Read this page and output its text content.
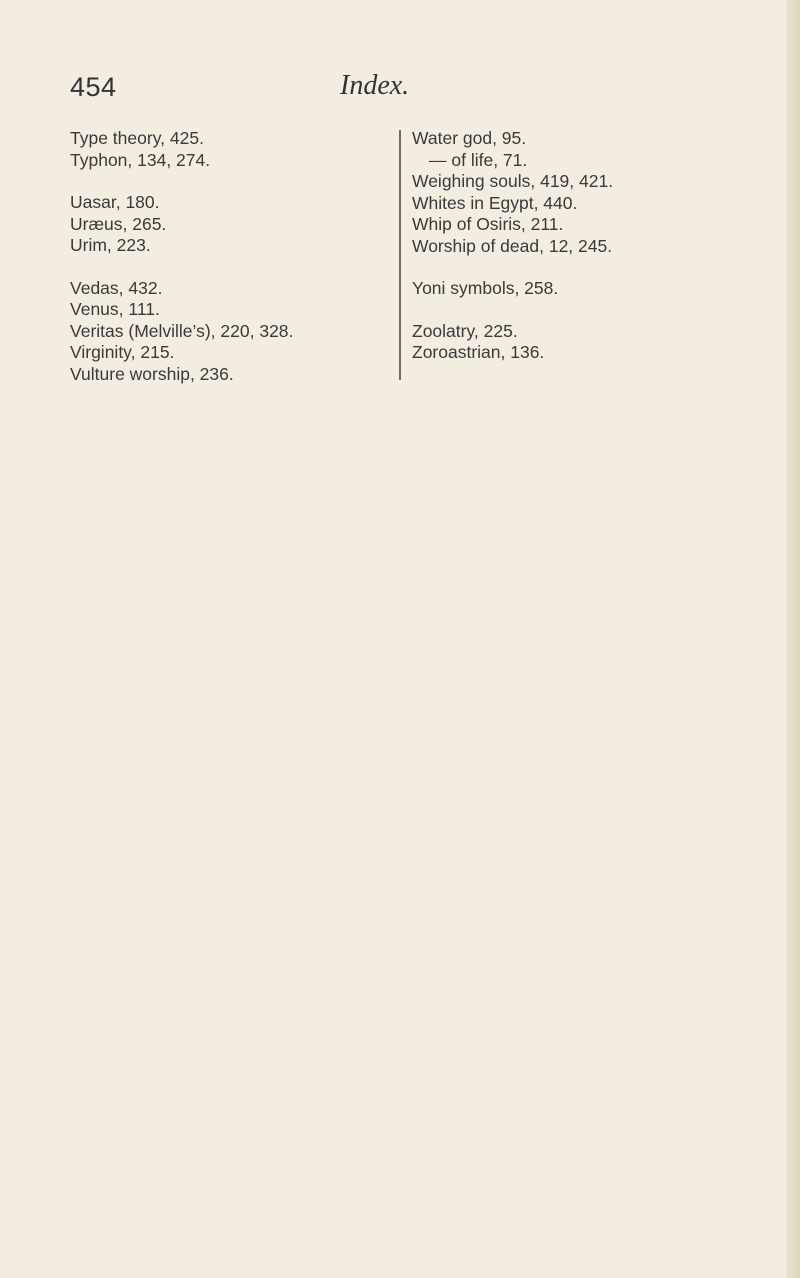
454	Index.
Type theory, 425.
Typhon, 134, 274.
Uasar, 180.
Uræus, 265.
Urim, 223.
Vedas, 432.
Venus, 111.
Veritas (Melville’s), 220, 328.
Virginity, 215.
Vulture worship, 236.
Water god, 95.
— of life, 71.
Weighing souls, 419, 421.
Whites in Egypt, 440.
Whip of Osiris, 211.
Worship of dead, 12, 245.
Yoni symbols, 258.
Zoolatry, 225.
Zoroastrian, 136.
